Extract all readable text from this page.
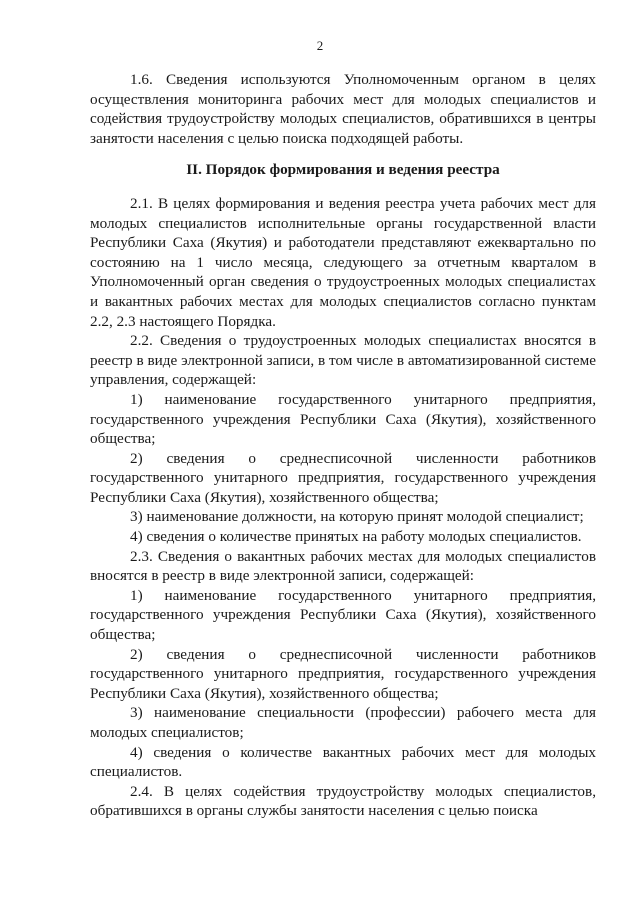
2

1.6. Сведения используются Уполномоченным органом в целях осуществления мониторинга рабочих мест для молодых специалистов и содействия трудоустройству молодых специалистов, обратившихся в центры занятости населения с целью поиска подходящей работы.

II. Порядок формирования и ведения реестра

2.1. В целях формирования и ведения реестра учета рабочих мест для молодых специалистов исполнительные органы государственной власти Республики Саха (Якутия) и работодатели представляют ежеквартально по состоянию на 1 число месяца, следующего за отчетным кварталом в Уполномоченный орган сведения о трудоустроенных молодых специалистах и вакантных рабочих местах для молодых специалистов согласно пунктам 2.2, 2.3 настоящего Порядка.

2.2. Сведения о трудоустроенных молодых специалистах вносятся в реестр в виде электронной записи, в том числе в автоматизированной системе управления, содержащей:

1) наименование государственного унитарного предприятия, государственного учреждения Республики Саха (Якутия), хозяйственного общества;

2) сведения о среднесписочной численности работников государственного унитарного предприятия, государственного учреждения Республики Саха (Якутия), хозяйственного общества;

3) наименование должности, на которую принят молодой специалист;

4) сведения о количестве принятых на работу молодых специалистов.

2.3. Сведения о вакантных рабочих местах для молодых специалистов вносятся в реестр в виде электронной записи, содержащей:

1) наименование государственного унитарного предприятия, государственного учреждения Республики Саха (Якутия), хозяйственного общества;

2) сведения о среднесписочной численности работников государственного унитарного предприятия, государственного учреждения Республики Саха (Якутия), хозяйственного общества;

3) наименование специальности (профессии) рабочего места для молодых специалистов;

4) сведения о количестве вакантных рабочих мест для молодых специалистов.

2.4. В целях содействия трудоустройству молодых специалистов, обратившихся в органы службы занятости населения с целью поиска
